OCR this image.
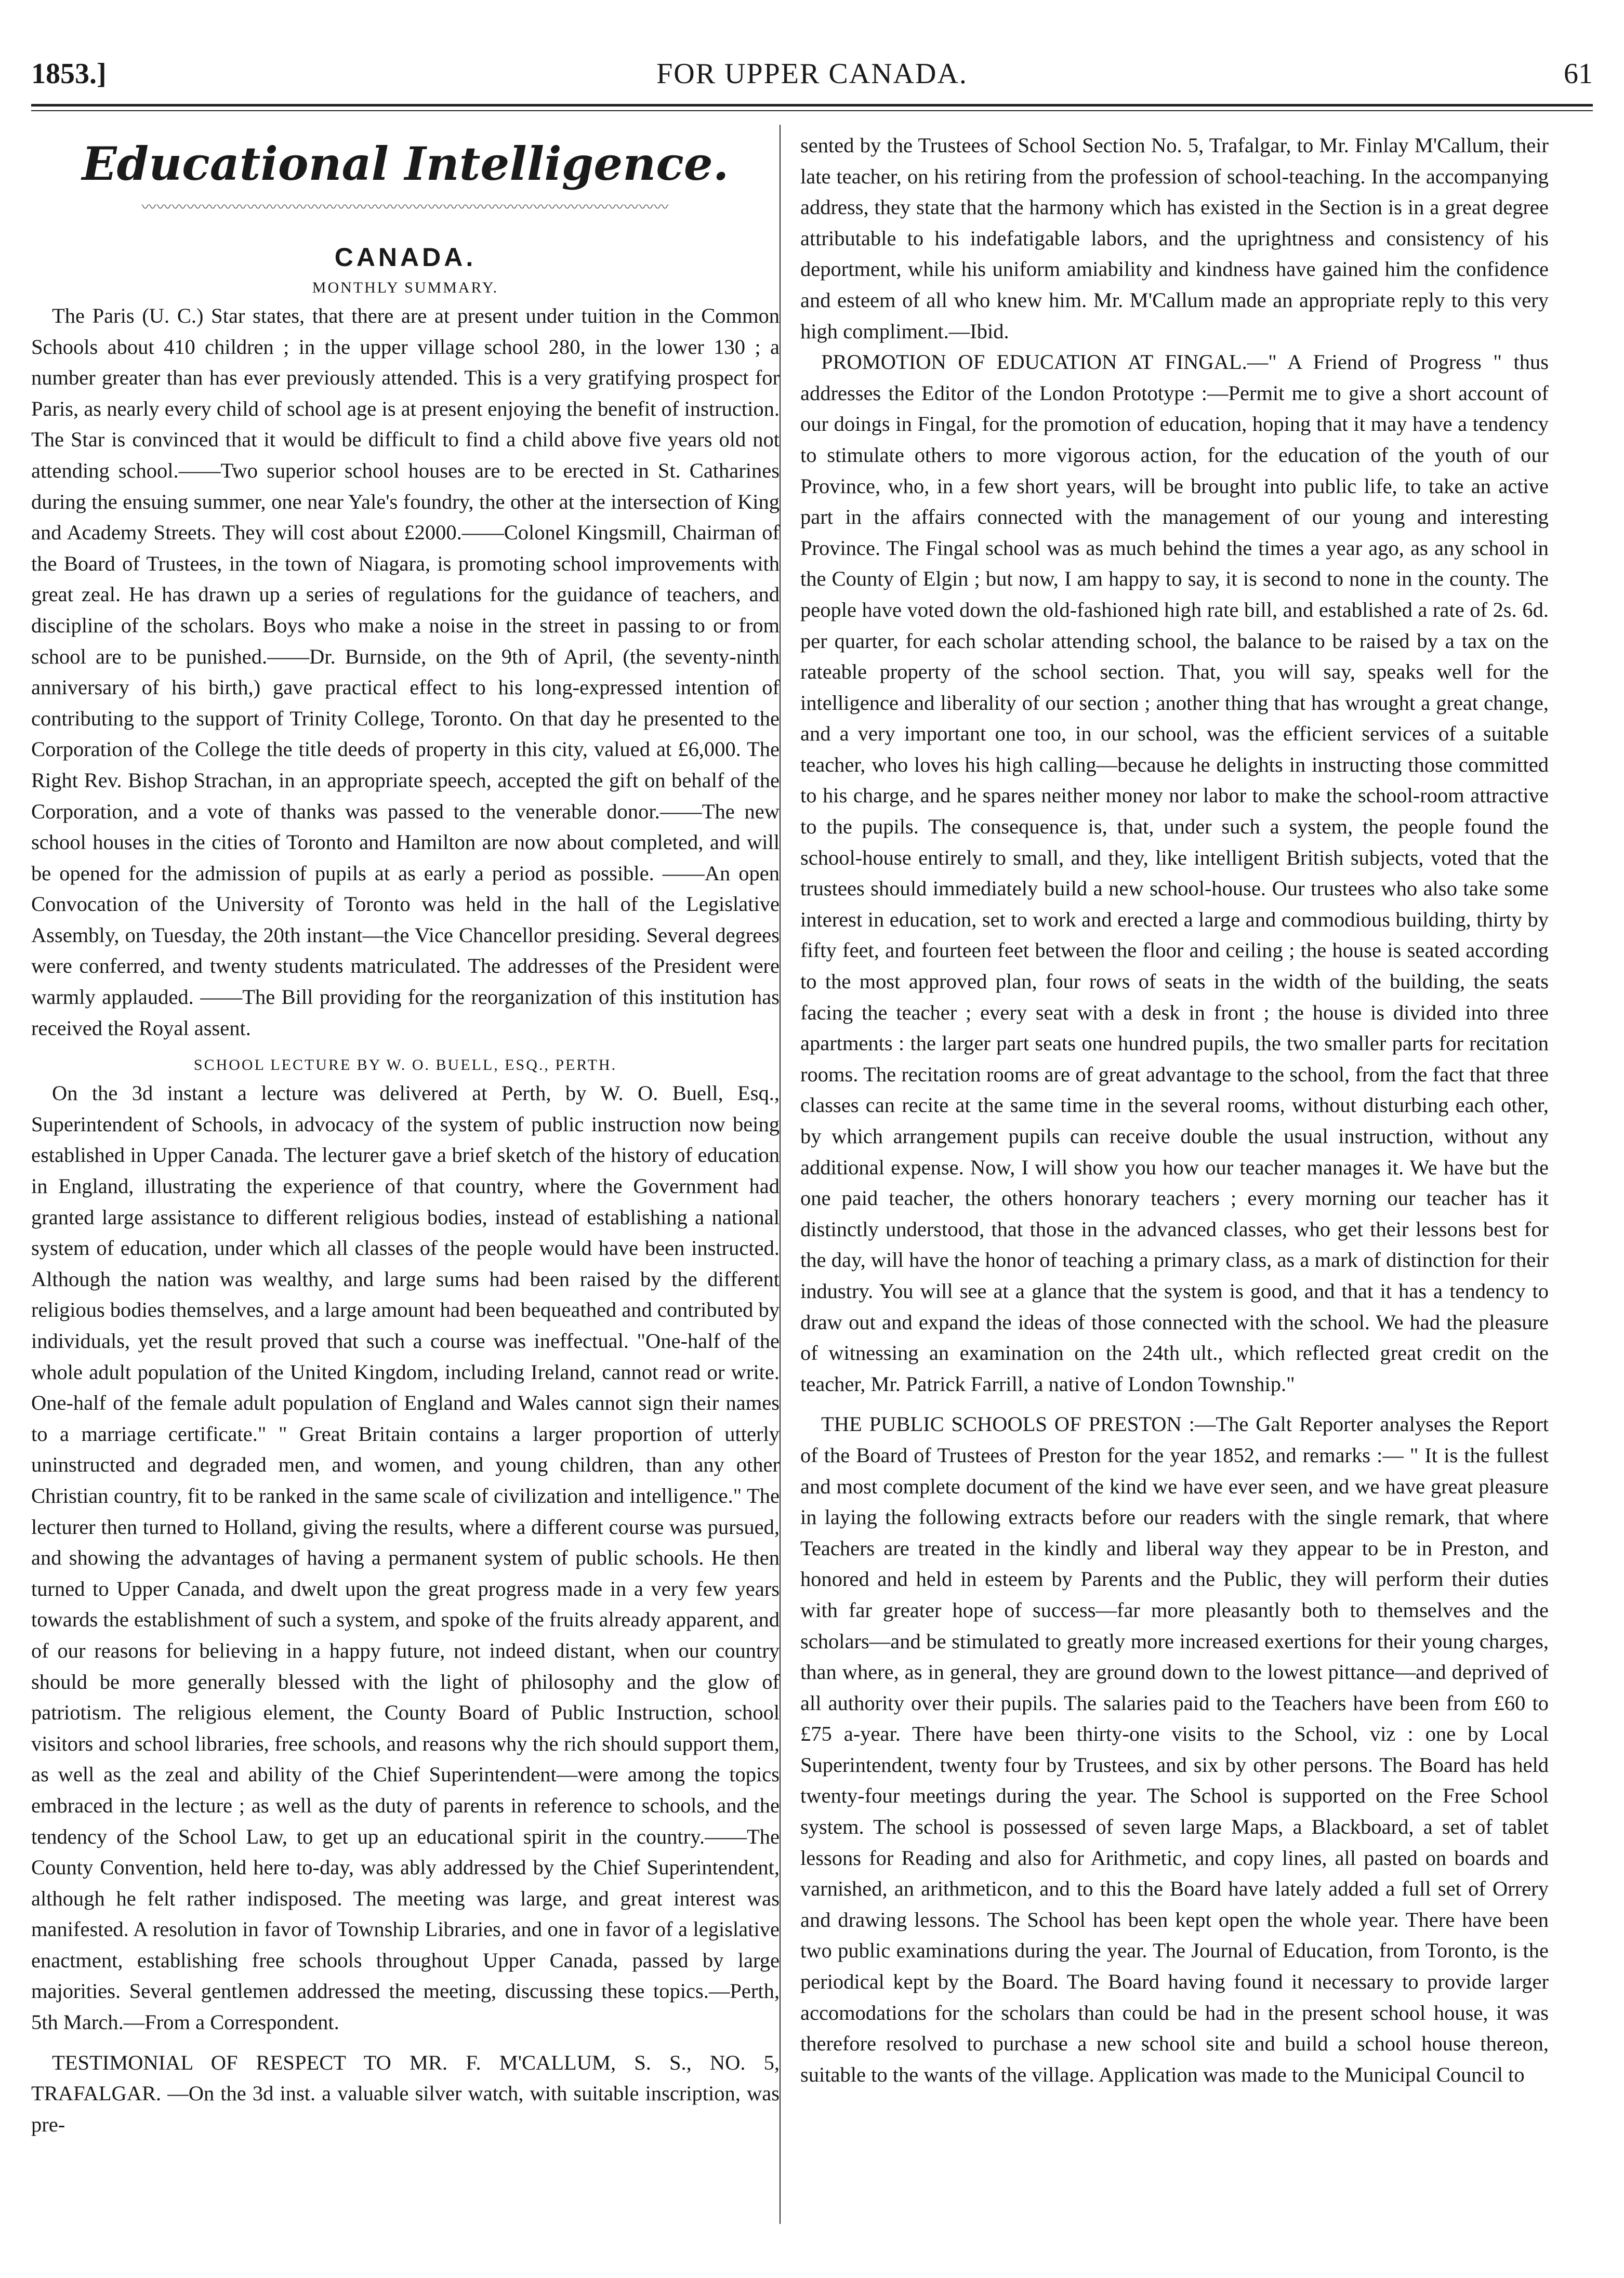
FOR UPPER CANADA.
1853.]	61
Educational Intelligence.
〰〰〰〰〰〰〰〰〰〰〰〰〰〰〰〰〰〰〰〰〰〰〰〰〰〰〰〰〰〰〰〰〰〰〰
CANADA.
MONTHLY SUMMARY.

The Paris (U. C.) Star states, that there are at present under tuition in the Common Schools about 410 children ; in the upper village school 280, in the lower 130 ; a number greater than has ever previously attended. This is a very gratifying prospect for Paris, as nearly every child of school age is at present enjoying the benefit of instruction. The Star is convinced that it would be difficult to find a child above five years old not attending school.——Two superior school houses are to be erected in St. Catharines during the ensuing summer, one near Yale's foundry, the other at the intersection of King and Academy Streets. They will cost about £2000.——Colonel Kingsmill, Chairman of the Board of Trustees, in the town of Niagara, is promoting school improvements with great zeal. He has drawn up a series of regulations for the guidance of teachers, and discipline of the scholars. Boys who make a noise in the street in passing to or from school are to be punished.——Dr. Burnside, on the 9th of April, (the seventy-ninth anniversary of his birth,) gave practical effect to his long-expressed intention of contributing to the support of Trinity College, Toronto. On that day he presented to the Corporation of the College the title deeds of property in this city, valued at £6,000. The Right Rev. Bishop Strachan, in an appropriate speech, accepted the gift on behalf of the Corporation, and a vote of thanks was passed to the venerable donor.——The new school houses in the cities of Toronto and Hamilton are now about completed, and will be opened for the admission of pupils at as early a period as possible. ——An open Convocation of the University of Toronto was held in the hall of the Legislative Assembly, on Tuesday, the 20th instant—the Vice Chancellor presiding. Several degrees were conferred, and twenty students matriculated. The addresses of the President were warmly applauded. ——The Bill providing for the reorganization of this institution has received the Royal assent.

SCHOOL LECTURE BY W. O. BUELL, ESQ., PERTH.

On the 3d instant a lecture was delivered at Perth, by W. O. Buell, Esq., Superintendent of Schools, in advocacy of the system of public instruction now being established in Upper Canada. The lecturer gave a brief sketch of the history of education in England, illustrating the experience of that country, where the Government had granted large assistance to different religious bodies, instead of establishing a national system of education, under which all classes of the people would have been instructed. Although the nation was wealthy, and large sums had been raised by the different religious bodies themselves, and a large amount had been bequeathed and contributed by individuals, yet the result proved that such a course was ineffectual. "One-half of the whole adult population of the United Kingdom, including Ireland, cannot read or write. One-half of the female adult population of England and Wales cannot sign their names to a marriage certificate." " Great Britain contains a larger proportion of utterly uninstructed and degraded men, and women, and young children, than any other Christian country, fit to be ranked in the same scale of civilization and intelligence." The lecturer then turned to Holland, giving the results, where a different course was pursued, and showing the advantages of having a permanent system of public schools. He then turned to Upper Canada, and dwelt upon the great progress made in a very few years towards the establishment of such a system, and spoke of the fruits already apparent, and of our reasons for believing in a happy future, not indeed distant, when our country should be more generally blessed with the light of philosophy and the glow of patriotism. The religious element, the County Board of Public Instruction, school visitors and school libraries, free schools, and reasons why the rich should support them, as well as the zeal and ability of the Chief Superintendent—were among the topics embraced in the lecture ; as well as the duty of parents in reference to schools, and the tendency of the School Law, to get up an educational spirit in the country.——The County Convention, held here to-day, was ably addressed by the Chief Superintendent, although he felt rather indisposed. The meeting was large, and great interest was manifested. A resolution in favor of Township Libraries, and one in favor of a legislative enactment, establishing free schools throughout Upper Canada, passed by large majorities. Several gentlemen addressed the meeting, discussing these topics.—Perth, 5th March.—From a Correspondent.

TESTIMONIAL OF RESPECT TO MR. F. M'CALLUM, S. S., NO. 5, TRAFALGAR. —On the 3d inst. a valuable silver watch, with suitable inscription, was pre-

sented by the Trustees of School Section No. 5, Trafalgar, to Mr. Finlay M'Callum, their late teacher, on his retiring from the profession of school-teaching. In the accompanying address, they state that the harmony which has existed in the Section is in a great degree attributable to his indefatigable labors, and the uprightness and consistency of his deportment, while his uniform amiability and kindness have gained him the confidence and esteem of all who knew him. Mr. M'Callum made an appropriate reply to this very high compliment.—Ibid.

PROMOTION OF EDUCATION AT FINGAL.—" A Friend of Progress " thus addresses the Editor of the London Prototype :—Permit me to give a short account of our doings in Fingal, for the promotion of education, hoping that it may have a tendency to stimulate others to more vigorous action, for the education of the youth of our Province, who, in a few short years, will be brought into public life, to take an active part in the affairs connected with the management of our young and interesting Province. The Fingal school was as much behind the times a year ago, as any school in the County of Elgin ; but now, I am happy to say, it is second to none in the county. The people have voted down the old-fashioned high rate bill, and established a rate of 2s. 6d. per quarter, for each scholar attending school, the balance to be raised by a tax on the rateable property of the school section. That, you will say, speaks well for the intelligence and liberality of our section ; another thing that has wrought a great change, and a very important one too, in our school, was the efficient services of a suitable teacher, who loves his high calling—because he delights in instructing those committed to his charge, and he spares neither money nor labor to make the school-room attractive to the pupils. The consequence is, that, under such a system, the people found the school-house entirely to small, and they, like intelligent British subjects, voted that the trustees should immediately build a new school-house. Our trustees who also take some interest in education, set to work and erected a large and commodious building, thirty by fifty feet, and fourteen feet between the floor and ceiling ; the house is seated according to the most approved plan, four rows of seats in the width of the building, the seats facing the teacher ; every seat with a desk in front ; the house is divided into three apartments : the larger part seats one hundred pupils, the two smaller parts for recitation rooms. The recitation rooms are of great advantage to the school, from the fact that three classes can recite at the same time in the several rooms, without disturbing each other, by which arrangement pupils can receive double the usual instruction, without any additional expense. Now, I will show you how our teacher manages it. We have but the one paid teacher, the others honorary teachers ; every morning our teacher has it distinctly understood, that those in the advanced classes, who get their lessons best for the day, will have the honor of teaching a primary class, as a mark of distinction for their industry. You will see at a glance that the system is good, and that it has a tendency to draw out and expand the ideas of those connected with the school. We had the pleasure of witnessing an examination on the 24th ult., which reflected great credit on the teacher, Mr. Patrick Farrill, a native of London Township."

THE PUBLIC SCHOOLS OF PRESTON :—The Galt Reporter analyses the Report of the Board of Trustees of Preston for the year 1852, and remarks :— " It is the fullest and most complete document of the kind we have ever seen, and we have great pleasure in laying the following extracts before our readers with the single remark, that where Teachers are treated in the kindly and liberal way they appear to be in Preston, and honored and held in esteem by Parents and the Public, they will perform their duties with far greater hope of success—far more pleasantly both to themselves and the scholars—and be stimulated to greatly more increased exertions for their young charges, than where, as in general, they are ground down to the lowest pittance—and deprived of all authority over their pupils. The salaries paid to the Teachers have been from £60 to £75 a-year. There have been thirty-one visits to the School, viz : one by Local Superintendent, twenty four by Trustees, and six by other persons. The Board has held twenty-four meetings during the year. The School is supported on the Free School system. The school is possessed of seven large Maps, a Blackboard, a set of tablet lessons for Reading and also for Arithmetic, and copy lines, all pasted on boards and varnished, an arithmeticon, and to this the Board have lately added a full set of Orrery and drawing lessons. The School has been kept open the whole year. There have been two public examinations during the year. The Journal of Education, from Toronto, is the periodical kept by the Board. The Board having found it necessary to provide larger accomodations for the scholars than could be had in the present school house, it was therefore resolved to purchase a new school site and build a school house thereon, suitable to the wants of the village. Application was made to the Municipal Council to
